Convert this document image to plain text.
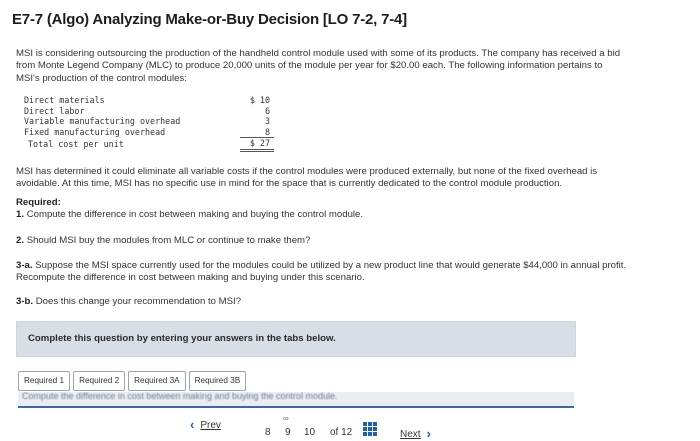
E7-7 (Algo) Analyzing Make-or-Buy Decision [LO 7-2, 7-4]
MSI is considering outsourcing the production of the handheld control module used with some of its products. The company has received a bid from Monte Legend Company (MLC) to produce 20,000 units of the module per year for $20.00 each. The following information pertains to MSI's production of the control modules:
Direct materials	$ 10
Direct labor	6
Variable manufacturing overhead	3
Fixed manufacturing overhead	8
Total cost per unit	$ 27
MSI has determined it could eliminate all variable costs if the control modules were produced externally, but none of the fixed overhead is avoidable. At this time, MSI has no specific use in mind for the space that is currently dedicated to the control module production.
Required:
1. Compute the difference in cost between making and buying the control module.
2. Should MSI buy the modules from MLC or continue to make them?
3-a. Suppose the MSI space currently used for the modules could be utilized by a new product line that would generate $44,000 in annual profit. Recompute the difference in cost between making and buying under this scenario.
3-b. Does this change your recommendation to MSI?
Complete this question by entering your answers in the tabs below.
Required 1	Required 2	Required 3A	Required 3B
Compute the difference in cost between making and buying the control module.
‹ Prev
8
∞
9 10 of 12	Next ›
